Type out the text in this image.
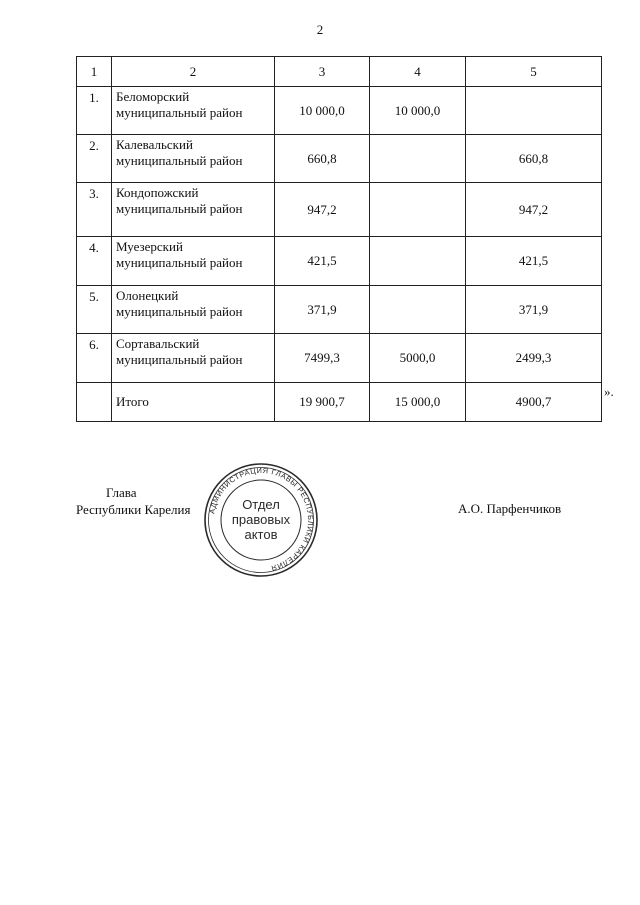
2
1	2	3	4	5
1.	Беломорский
муниципальный район	10 000,0	10 000,0	
2.	Калевальский
муниципальный район	660,8		660,8
3.	Кондопожский
муниципальный район	947,2		947,2
4.	Муезерский
муниципальный район	421,5		421,5
5.	Олонецкий
муниципальный район	371,9		371,9
6.	Сортавальский
муниципальный район	7499,3	5000,0	2499,3
	Итого	19 900,7	15 000,0	4900,7
».
Глава
Республики Карелия	А.О. Парфенчиков
АДМИНИСТРАЦИЯ ГЛАВЫ РЕСПУБЛИКИ КАРЕЛИЯ
Отдел
правовых
актов
